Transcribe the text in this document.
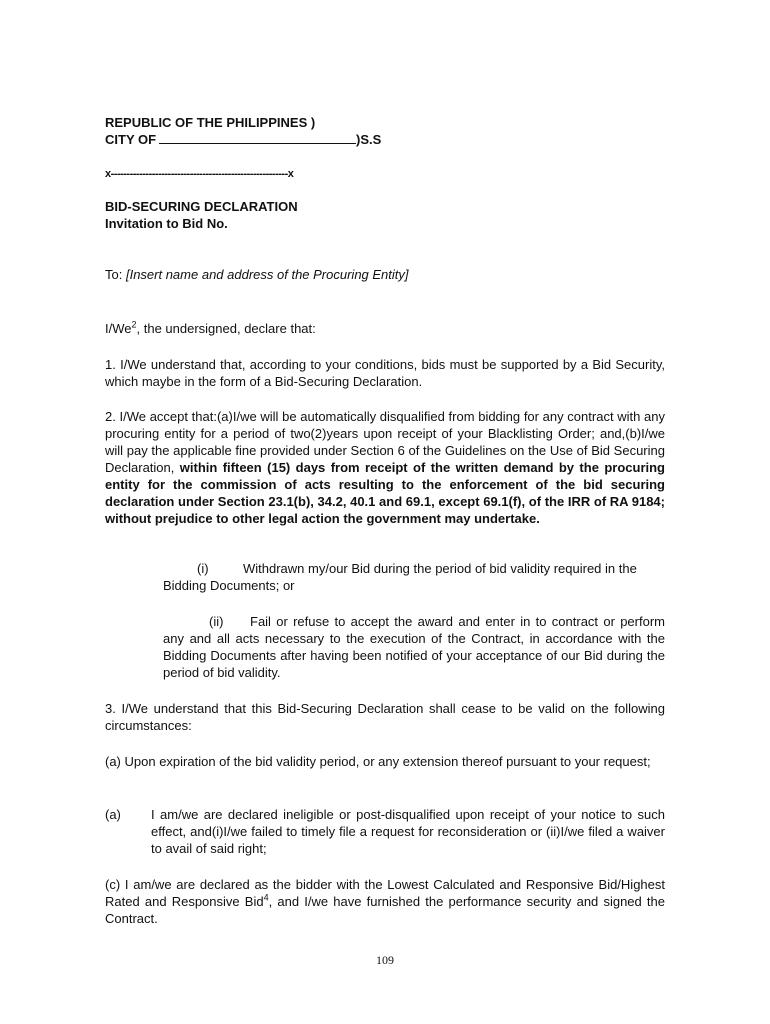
REPUBLIC OF THE PHILIPPINES )
CITY OF	)S.S
x--------------------------------------------------------x
BID-SECURING DECLARATION
Invitation to Bid No.
To: [Insert name and address of the Procuring Entity]
I/We$^2$, the undersigned, declare that:
1. I/We understand that, according to your conditions, bids must be supported by a Bid Security, which maybe in the form of a Bid-Securing Declaration.
2. I/We accept that:(a)I/we will be automatically disqualified from bidding for any contract with any procuring entity for a period of two(2)years upon receipt of your Blacklisting Order; and,(b)I/we will pay the applicable fine provided under Section 6 of the Guidelines on the Use of Bid Securing Declaration, within fifteen (15) days from receipt of the written demand by the procuring entity for the commission of acts resulting to the enforcement of the bid securing declaration under Section 23.1(b), 34.2, 40.1 and 69.1, except 69.1(f), of the IRR of RA 9184; without prejudice to other legal action the government may undertake.
(i)	Withdrawn my/our Bid during the period of bid validity required in the Bidding Documents; or
(ii) Fail or refuse to accept the award and enter in to contract or perform any and all acts necessary to the execution of the Contract, in accordance with the Bidding Documents after having been notified of your acceptance of our Bid during the period of bid validity.
3. I/We understand that this Bid-Securing Declaration shall cease to be valid on the following circumstances:
(a) Upon expiration of the bid validity period, or any extension thereof pursuant to your request;
(a) I am/we are declared ineligible or post-disqualified upon receipt of your notice to such effect, and(i)I/we failed to timely file a request for reconsideration or (ii)I/we filed a waiver to avail of said right;
(c) I am/we are declared as the bidder with the Lowest Calculated and Responsive Bid/Highest Rated and Responsive Bid$^4$, and I/we have furnished the performance security and signed the Contract.
109
